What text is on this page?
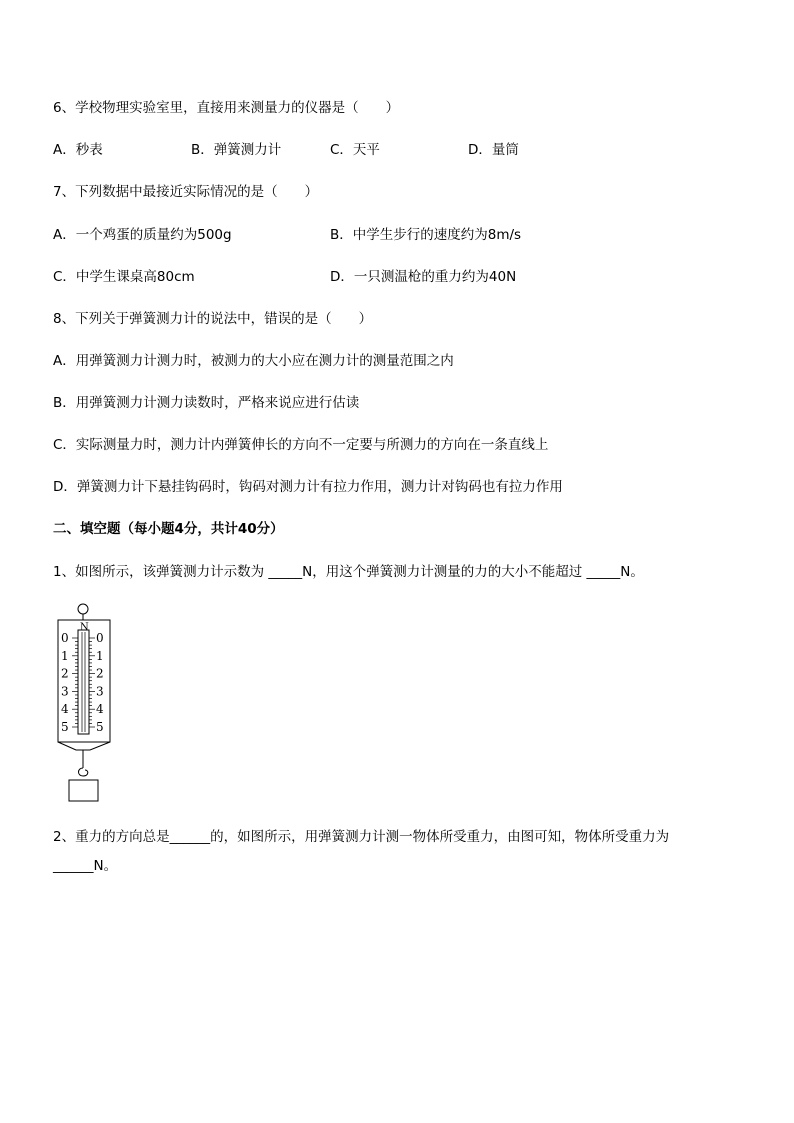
6、学校物理实验室里，直接用来测量力的仪器是（　　）
A．秒表	B．弹簧测力计	C．天平	D．量筒
7、下列数据中最接近实际情况的是（　　）
A．一个鸡蛋的质量约为500g	B．中学生步行的速度约为8m/s
C．中学生课桌高80cm	D．一只测温枪的重力约为40N
8、下列关于弹簧测力计的说法中，错误的是（　　）
A．用弹簧测力计测力时，被测力的大小应在测力计的测量范围之内
B．用弹簧测力计测力读数时，严格来说应进行估读
C．实际测量力时，测力计内弹簧伸长的方向不一定要与所测力的方向在一条直线上
D．弹簧测力计下悬挂钩码时，钩码对测力计有拉力作用，测力计对钩码也有拉力作用
二、填空题（每小题4分，共计40分）
1、如图所示，该弹簧测力计示数为 _____N，用这个弹簧测力计测量的力的大小不能超过 _____N。
N
0
1
2
3
4
5
0
1
2
3
4
5
2、重力的方向总是______的，如图所示，用弹簧测力计测一物体所受重力，由图可知，物体所受重力为
______N。
